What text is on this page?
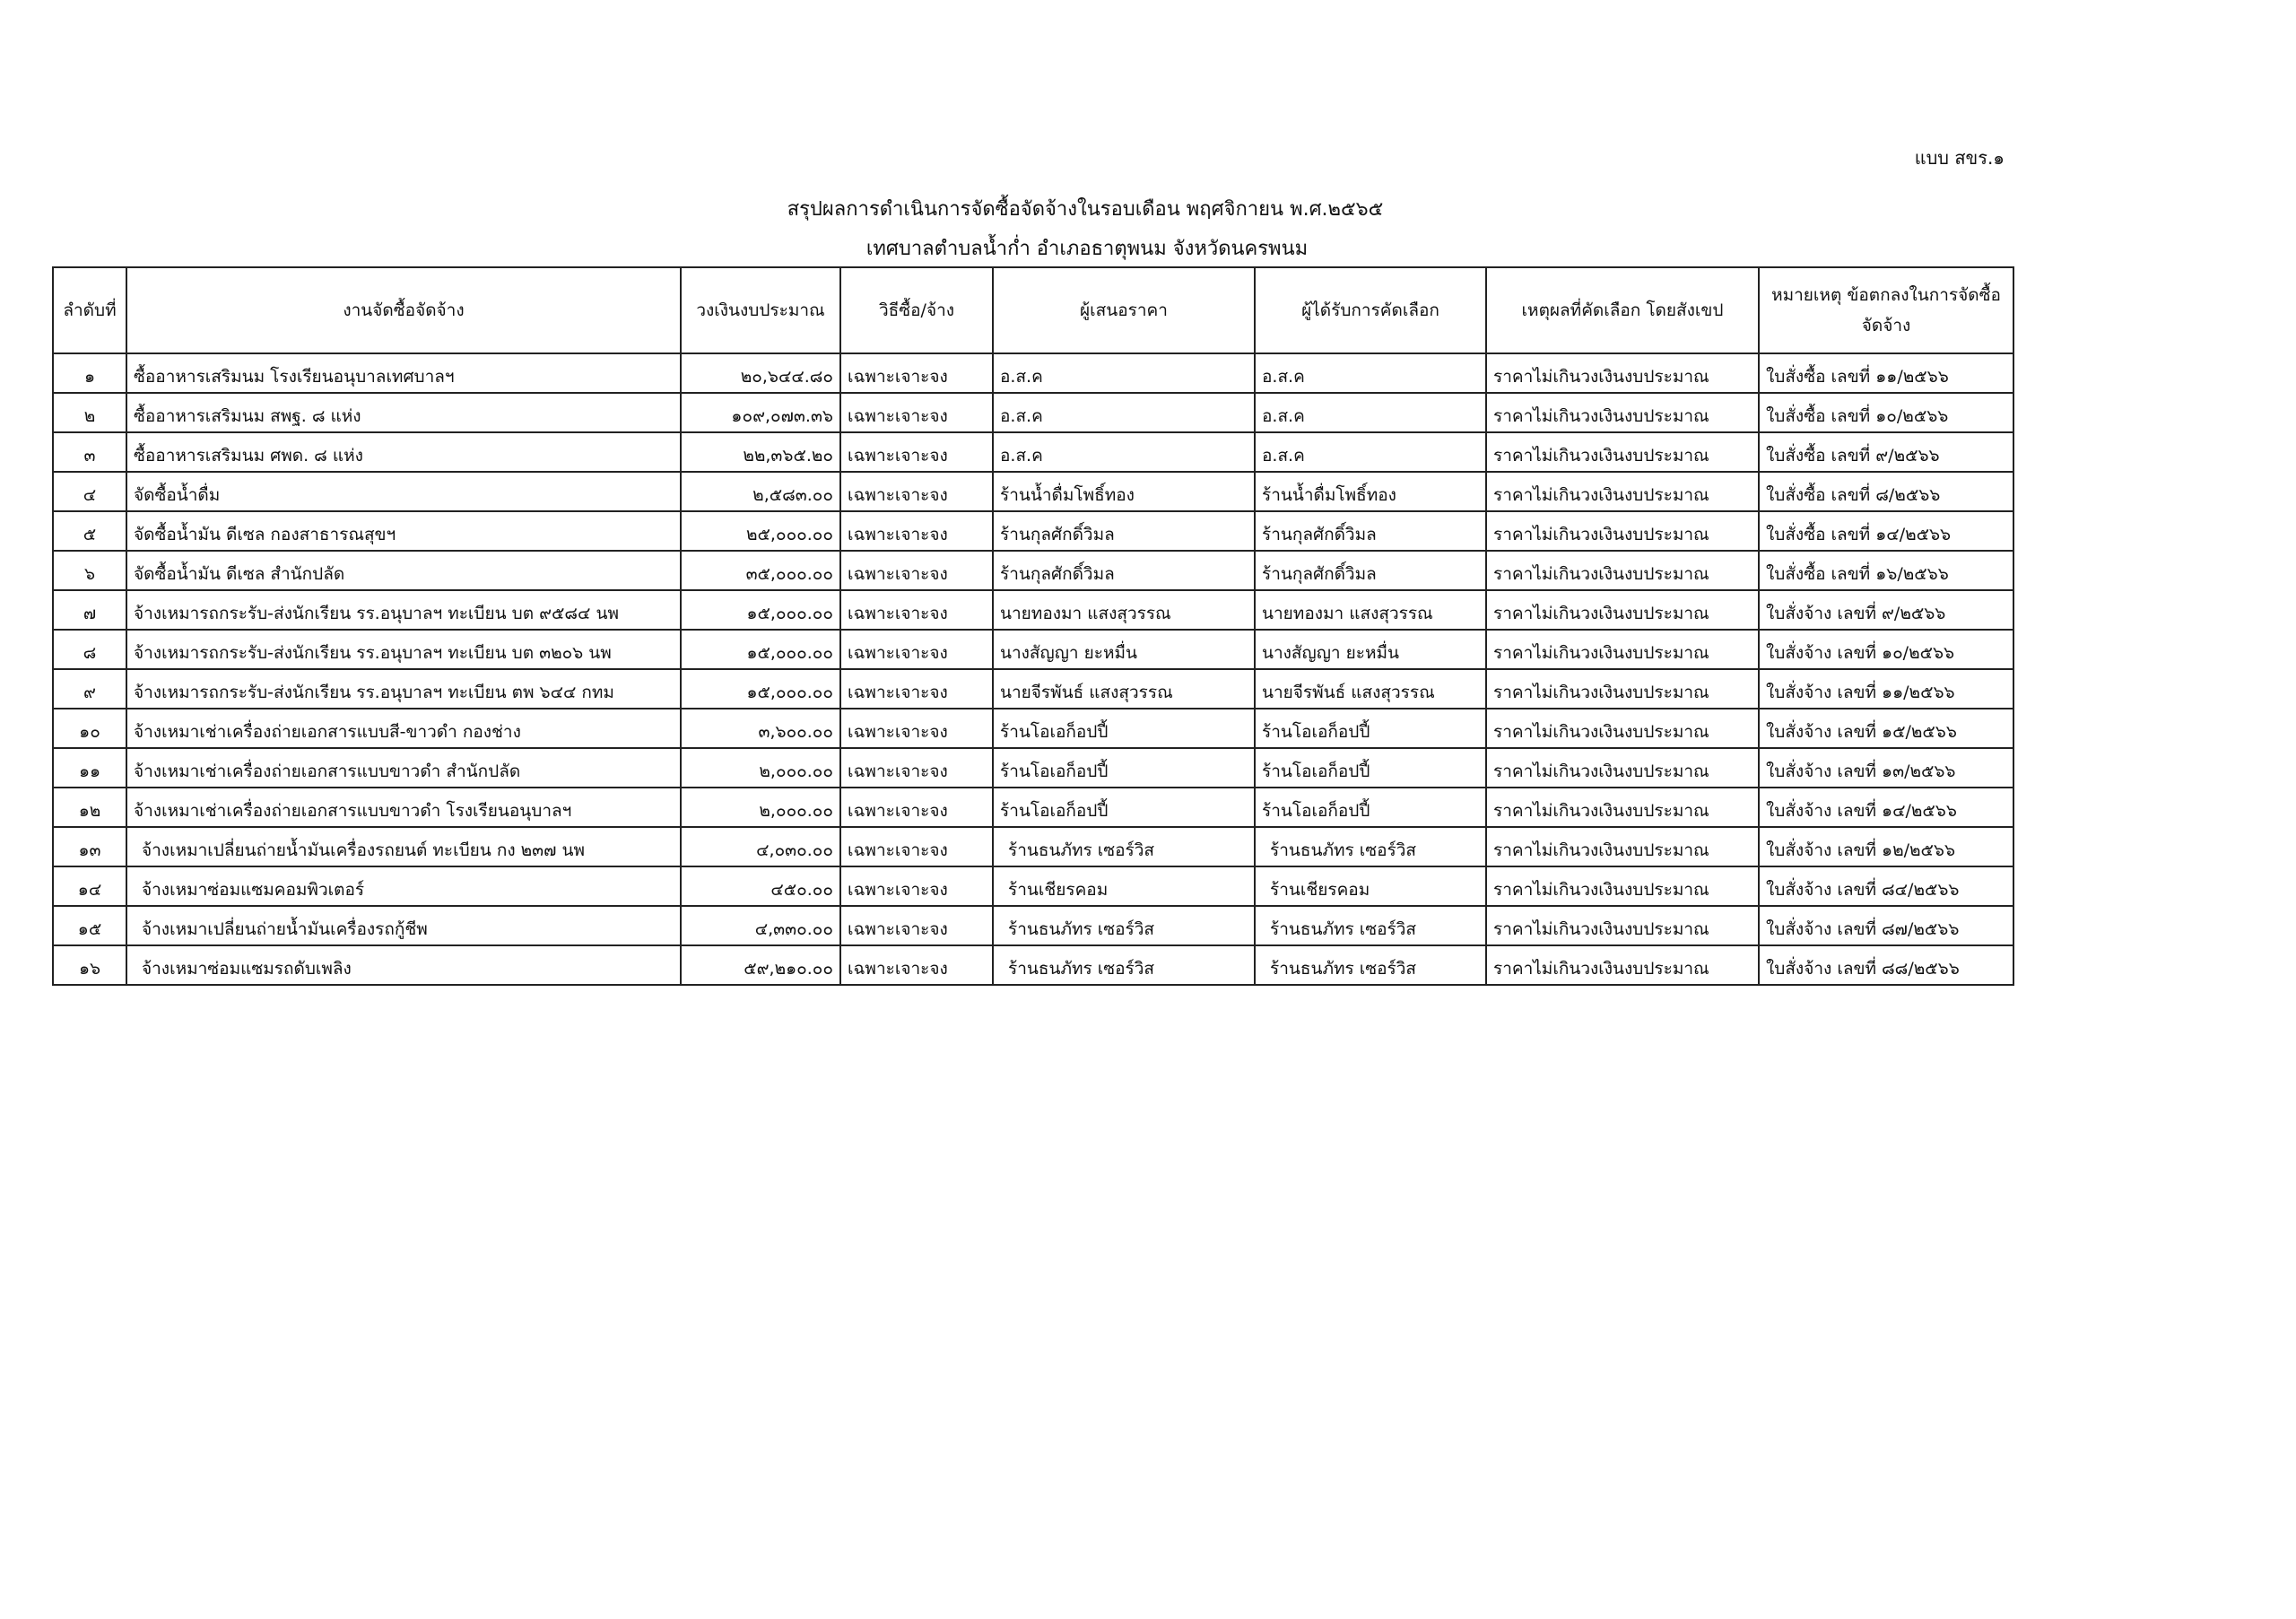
แบบ สขร.๑
สรุปผลการดำเนินการจัดซื้อจัดจ้างในรอบเดือน พฤศจิกายน พ.ศ.๒๕๖๕
เทศบาลตำบลน้ำก่ำ อำเภอธาตุพนม จังหวัดนครพนม
ลำดับที่	งานจัดซื้อจัดจ้าง	วงเงินงบประมาณ	วิธีซื้อ/จ้าง	ผู้เสนอราคา	ผู้ได้รับการคัดเลือก	เหตุผลที่คัดเลือก โดยสังเขป	หมายเหตุ ข้อตกลงในการจัดซื้อจัดจ้าง
๑	ซื้ออาหารเสริมนม โรงเรียนอนุบาลเทศบาลฯ	๒๐,๖๔๔.๘๐	เฉพาะเจาะจง	อ.ส.ค	อ.ส.ค	ราคาไม่เกินวงเงินงบประมาณ	ใบสั่งซื้อ เลขที่ ๑๑/๒๕๖๖
๒	ซื้ออาหารเสริมนม สพฐ. ๘ แห่ง	๑๐๙,๐๗๓.๓๖	เฉพาะเจาะจง	อ.ส.ค	อ.ส.ค	ราคาไม่เกินวงเงินงบประมาณ	ใบสั่งซื้อ เลขที่ ๑๐/๒๕๖๖
๓	ซื้ออาหารเสริมนม ศพด. ๘ แห่ง	๒๒,๓๖๕.๒๐	เฉพาะเจาะจง	อ.ส.ค	อ.ส.ค	ราคาไม่เกินวงเงินงบประมาณ	ใบสั่งซื้อ เลขที่ ๙/๒๕๖๖
๔	จัดซื้อน้ำดื่ม	๒,๕๘๓.๐๐	เฉพาะเจาะจง	ร้านน้ำดื่มโพธิ์ทอง	ร้านน้ำดื่มโพธิ์ทอง	ราคาไม่เกินวงเงินงบประมาณ	ใบสั่งซื้อ เลขที่ ๘/๒๕๖๖
๕	จัดซื้อน้ำมัน ดีเซล กองสาธารณสุขฯ	๒๕,๐๐๐.๐๐	เฉพาะเจาะจง	ร้านกุลศักดิ์วิมล	ร้านกุลศักดิ์วิมล	ราคาไม่เกินวงเงินงบประมาณ	ใบสั่งซื้อ เลขที่ ๑๔/๒๕๖๖
๖	จัดซื้อน้ำมัน ดีเซล สำนักปลัด	๓๕,๐๐๐.๐๐	เฉพาะเจาะจง	ร้านกุลศักดิ์วิมล	ร้านกุลศักดิ์วิมล	ราคาไม่เกินวงเงินงบประมาณ	ใบสั่งซื้อ เลขที่ ๑๖/๒๕๖๖
๗	จ้างเหมารถกระรับ-ส่งนักเรียน รร.อนุบาลฯ ทะเบียน บต ๙๕๘๔ นพ	๑๕,๐๐๐.๐๐	เฉพาะเจาะจง	นายทองมา แสงสุวรรณ	นายทองมา แสงสุวรรณ	ราคาไม่เกินวงเงินงบประมาณ	ใบสั่งจ้าง เลขที่ ๙/๒๕๖๖
๘	จ้างเหมารถกระรับ-ส่งนักเรียน รร.อนุบาลฯ ทะเบียน บต ๓๒๐๖ นพ	๑๕,๐๐๐.๐๐	เฉพาะเจาะจง	นางสัญญา ยะหมื่น	นางสัญญา ยะหมื่น	ราคาไม่เกินวงเงินงบประมาณ	ใบสั่งจ้าง เลขที่ ๑๐/๒๕๖๖
๙	จ้างเหมารถกระรับ-ส่งนักเรียน รร.อนุบาลฯ ทะเบียน ตพ ๖๔๔ กทม	๑๕,๐๐๐.๐๐	เฉพาะเจาะจง	นายจีรพันธ์ แสงสุวรรณ	นายจีรพันธ์ แสงสุวรรณ	ราคาไม่เกินวงเงินงบประมาณ	ใบสั่งจ้าง เลขที่ ๑๑/๒๕๖๖
๑๐	จ้างเหมาเช่าเครื่องถ่ายเอกสารแบบสี-ขาวดำ กองช่าง	๓,๖๐๐.๐๐	เฉพาะเจาะจง	ร้านโอเอก็อปปี้	ร้านโอเอก็อปปี้	ราคาไม่เกินวงเงินงบประมาณ	ใบสั่งจ้าง เลขที่ ๑๕/๒๕๖๖
๑๑	จ้างเหมาเช่าเครื่องถ่ายเอกสารแบบขาวดำ สำนักปลัด	๒,๐๐๐.๐๐	เฉพาะเจาะจง	ร้านโอเอก็อปปี้	ร้านโอเอก็อปปี้	ราคาไม่เกินวงเงินงบประมาณ	ใบสั่งจ้าง เลขที่ ๑๓/๒๕๖๖
๑๒	จ้างเหมาเช่าเครื่องถ่ายเอกสารแบบขาวดำ โรงเรียนอนุบาลฯ	๒,๐๐๐.๐๐	เฉพาะเจาะจง	ร้านโอเอก็อปปี้	ร้านโอเอก็อปปี้	ราคาไม่เกินวงเงินงบประมาณ	ใบสั่งจ้าง เลขที่ ๑๔/๒๕๖๖
๑๓	จ้างเหมาเปลี่ยนถ่ายน้ำมันเครื่องรถยนต์ ทะเบียน กง ๒๓๗ นพ	๔,๐๓๐.๐๐	เฉพาะเจาะจง	ร้านธนภัทร เซอร์วิส	ร้านธนภัทร เซอร์วิส	ราคาไม่เกินวงเงินงบประมาณ	ใบสั่งจ้าง เลขที่ ๑๒/๒๕๖๖
๑๔	จ้างเหมาซ่อมแซมคอมพิวเตอร์	๔๕๐.๐๐	เฉพาะเจาะจง	ร้านเชียรคอม	ร้านเชียรคอม	ราคาไม่เกินวงเงินงบประมาณ	ใบสั่งจ้าง เลขที่ ๘๔/๒๕๖๖
๑๕	จ้างเหมาเปลี่ยนถ่ายน้ำมันเครื่องรถกู้ชีพ	๔,๓๓๐.๐๐	เฉพาะเจาะจง	ร้านธนภัทร เซอร์วิส	ร้านธนภัทร เซอร์วิส	ราคาไม่เกินวงเงินงบประมาณ	ใบสั่งจ้าง เลขที่ ๘๗/๒๕๖๖
๑๖	จ้างเหมาซ่อมแซมรถดับเพลิง	๕๙,๒๑๐.๐๐	เฉพาะเจาะจง	ร้านธนภัทร เซอร์วิส	ร้านธนภัทร เซอร์วิส	ราคาไม่เกินวงเงินงบประมาณ	ใบสั่งจ้าง เลขที่ ๘๘/๒๕๖๖
